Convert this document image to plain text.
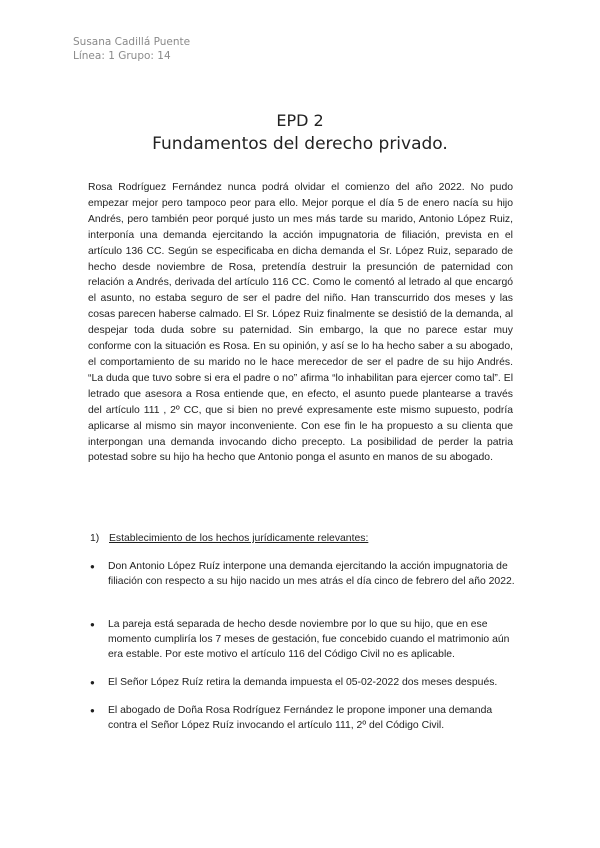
Susana Cadillá Puente
Línea: 1 Grupo: 14
EPD 2
Fundamentos del derecho privado.

Rosa Rodríguez Fernández nunca podrá olvidar el comienzo del año 2022. No pudo empezar mejor pero tampoco peor para ello. Mejor porque el día 5 de enero nacía su hijo Andrés, pero también peor porqué justo un mes más tarde su marido, Antonio López Ruiz, interponía una demanda ejercitando la acción impugnatoria de filiación, prevista en el artículo 136 CC. Según se especificaba en dicha demanda el Sr. López Ruiz, separado de hecho desde noviembre de Rosa, pretendía destruir la presunción de paternidad con relación a Andrés, derivada del artículo 116 CC. Como le comentó al letrado al que encargó el asunto, no estaba seguro de ser el padre del niño. Han transcurrido dos meses y las cosas parecen haberse calmado. El Sr. López Ruiz finalmente se desistió de la demanda, al despejar toda duda sobre su paternidad. Sin embargo, la que no parece estar muy conforme con la situación es Rosa. En su opinión, y así se lo ha hecho saber a su abogado, el comportamiento de su marido no le hace merecedor de ser el padre de su hijo Andrés. “La duda que tuvo sobre si era el padre o no” afirma “lo inhabilitan para ejercer como tal”. El letrado que asesora a Rosa entiende que, en efecto, el asunto puede plantearse a través del artículo 111 , 2º CC, que si bien no prevé expresamente este mismo supuesto, podría aplicarse al mismo sin mayor inconveniente. Con ese fin le ha propuesto a su clienta que interpongan una demanda invocando dicho precepto. La posibilidad de perder la patria potestad sobre su hijo ha hecho que Antonio ponga el asunto en manos de su abogado.

1) Establecimiento de los hechos jurídicamente relevantes:
●	Don Antonio López Ruíz interpone una demanda ejercitando la acción impugnatoria de filiación con respecto a su hijo nacido un mes atrás el día cinco de febrero del año 2022.
●	La pareja está separada de hecho desde noviembre por lo que su hijo, que en ese momento cumpliría los 7 meses de gestación, fue concebido cuando el matrimonio aún era estable. Por este motivo el artículo 116 del Código Civil no es aplicable.
●	El Señor López Ruíz retira la demanda impuesta el 05-02-2022 dos meses después.
●	El abogado de Doña Rosa Rodríguez Fernández le propone imponer una demanda contra el Señor López Ruíz invocando el artículo 111, 2º del Código Civil.
